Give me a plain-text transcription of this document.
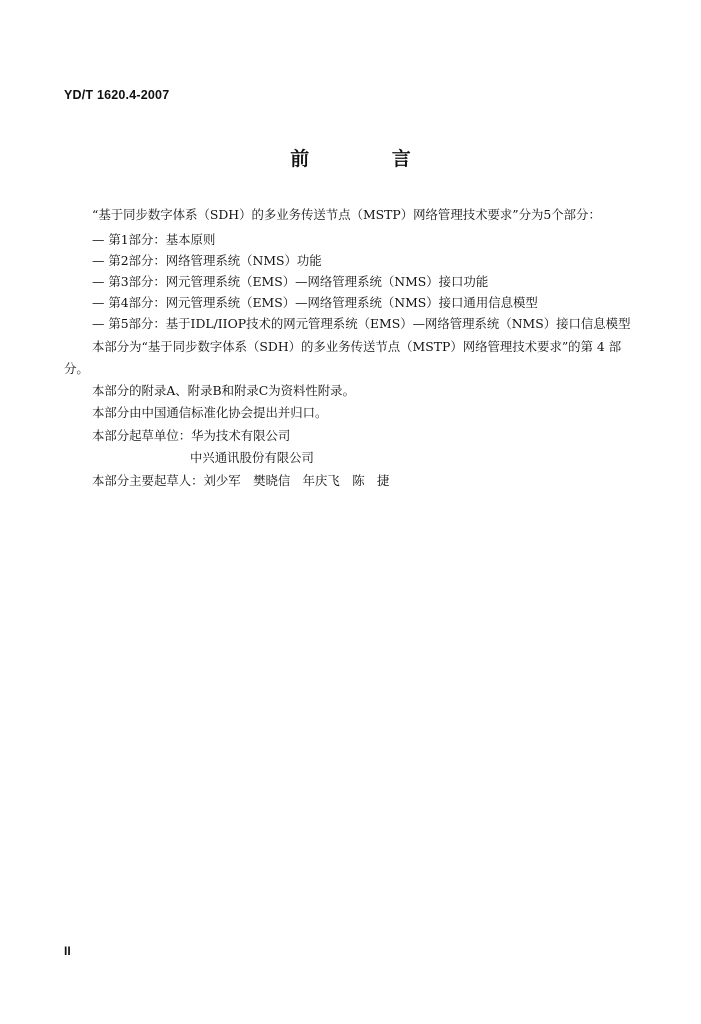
YD/T 1620.4-2007
前 言
“基于同步数字体系（SDH）的多业务传送节点（MSTP）网络管理技术要求”分为5个部分：
— 第1部分：基本原则
— 第2部分：网络管理系统（NMS）功能
— 第3部分：网元管理系统（EMS）—网络管理系统（NMS）接口功能
— 第4部分：网元管理系统（EMS）—网络管理系统（NMS）接口通用信息模型
— 第5部分：基于IDL/IIOP技术的网元管理系统（EMS）—网络管理系统（NMS）接口信息模型
本部分为“基于同步数字体系（SDH）的多业务传送节点（MSTP）网络管理技术要求”的第 4 部
分。
本部分的附录A、附录B和附录C为资料性附录。
本部分由中国通信标准化协会提出并归口。
本部分起草单位：华为技术有限公司
中兴通讯股份有限公司
本部分主要起草人：刘少军　樊晓信　年庆飞　陈　捷
II
